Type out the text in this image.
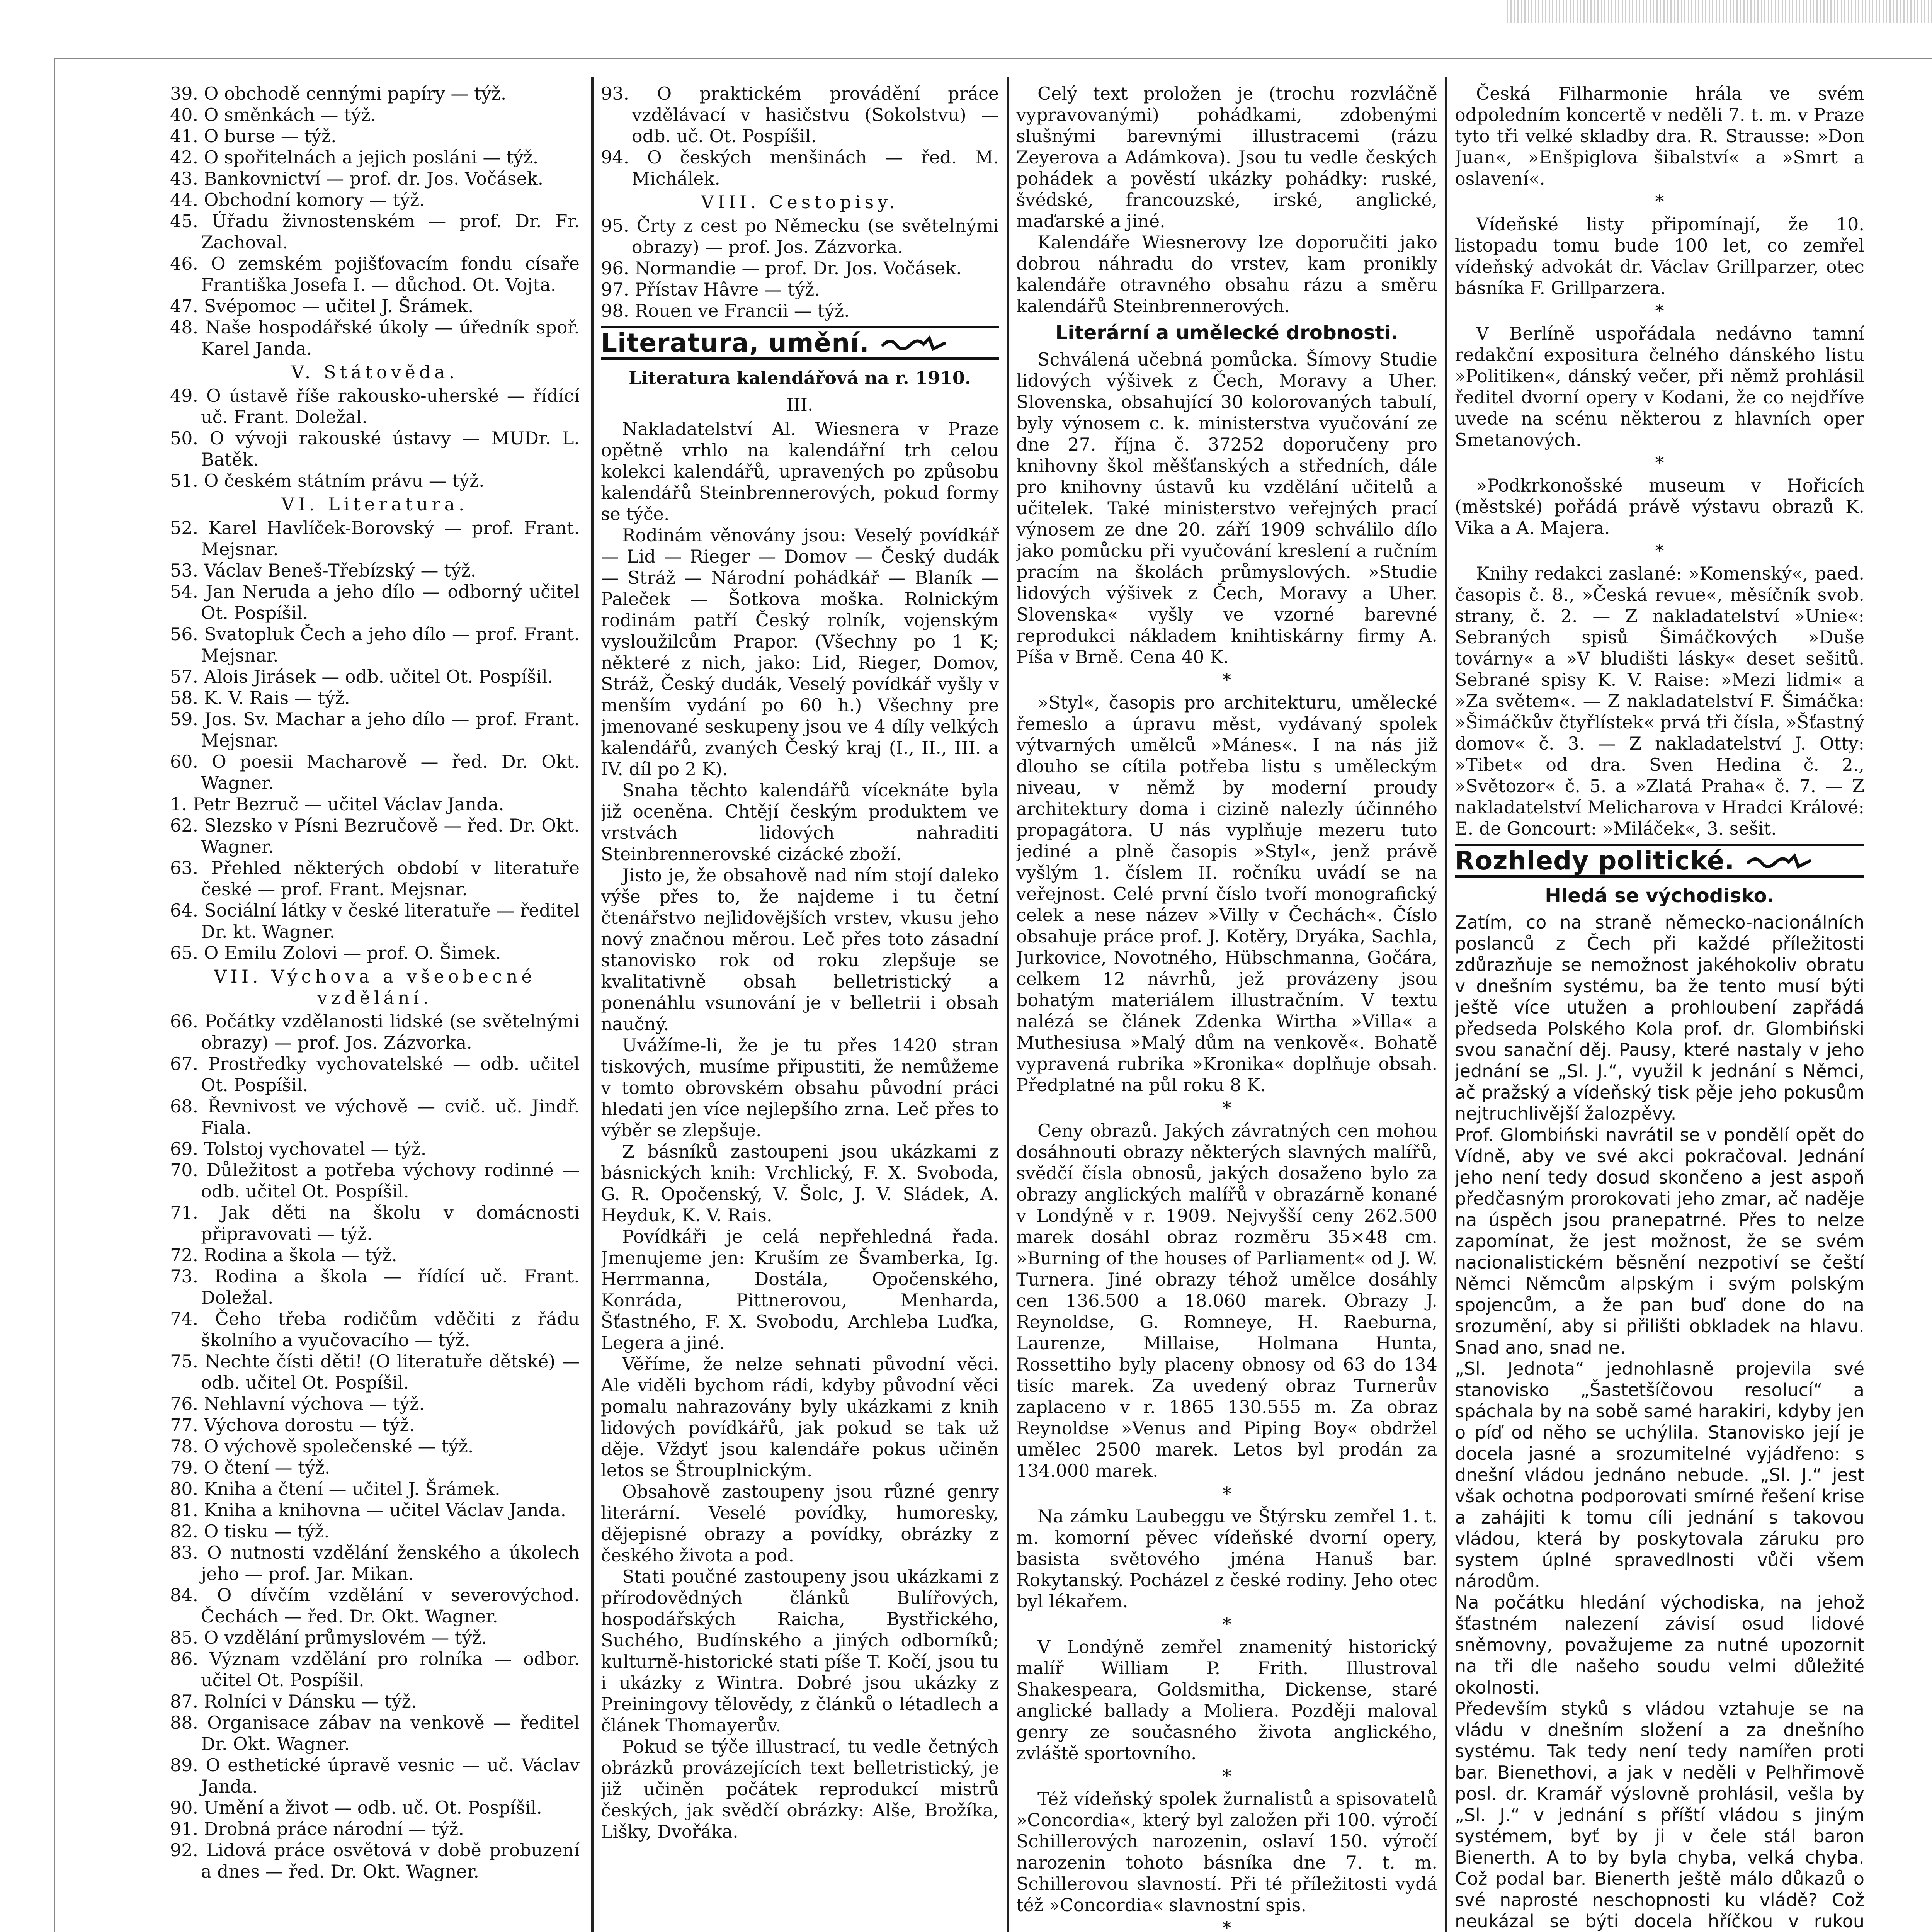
39. O obchodě cennými papíry — týž.
40. O směnkách — týž.
41. O burse — týž.
42. O spořitelnách a jejich posláni — týž.
43. Bankovnictví — prof. dr. Jos. Vočásek.
44. Obchodní komory — týž.
45. Úřadu živnostenském — prof. Dr. Fr. Zachoval.
46. O zemském pojišťovacím fondu císaře Františka Josefa I. — důchod. Ot. Vojta.
47. Svépomoc — učitel J. Šrámek.
48. Naše hospodářské úkoly — úředník spoř. Karel Janda.
V. Státověda.
49. O ústavě říše rakousko-uherské — řídící uč. Frant. Doležal.
50. O vývoji rakouské ústavy — MUDr. L. Batěk.
51. O českém státním právu — týž.
VI. Literatura.
52. Karel Havlíček-Borovský — prof. Frant. Mejsnar.
53. Václav Beneš-Třebízský — týž.
54. Jan Neruda a jeho dílo — odborný učitel Ot. Pospíšil.
56. Svatopluk Čech a jeho dílo — prof. Frant. Mejsnar.
57. Alois Jirásek — odb. učitel Ot. Pospíšil.
58. K. V. Rais — týž.
59. Jos. Sv. Machar a jeho dílo — prof. Frant. Mejsnar.
60. O poesii Macharově — řed. Dr. Okt. Wagner.
1. Petr Bezruč — učitel Václav Janda.
62. Slezsko v Písni Bezručově — řed. Dr. Okt. Wagner.
63. Přehled některých období v literatuře české — prof. Frant. Mejsnar.
64. Sociální látky v české literatuře — ředitel Dr. kt. Wagner.
65. O Emilu Zolovi — prof. O. Šimek.
VII. Výchova a všeobecné vzdělání.
66. Počátky vzdělanosti lidské (se světelnými obrazy) — prof. Jos. Zázvorka.
67. Prostředky vychovatelské — odb. učitel Ot. Pospíšil.
68. Řevnivost ve výchově — cvič. uč. Jindř. Fiala.
69. Tolstoj vychovatel — týž.
70. Důležitost a potřeba výchovy rodinné — odb. učitel Ot. Pospíšil.
71. Jak děti na školu v domácnosti připravovati — týž.
72. Rodina a škola — týž.
73. Rodina a škola — řídící uč. Frant. Doležal.
74. Čeho třeba rodičům vděčiti z řádu školního a vyučovacího — týž.
75. Nechte čísti děti! (O literatuře dětské) — odb. učitel Ot. Pospíšil.
76. Nehlavní výchova — týž.
77. Výchova dorostu — týž.
78. O výchově společenské — týž.
79. O čtení — týž.
80. Kniha a čtení — učitel J. Šrámek.
81. Kniha a knihovna — učitel Václav Janda.
82. O tisku — týž.
83. O nutnosti vzdělání ženského a úkolech jeho — prof. Jar. Mikan.
84. O dívčím vzdělání v severovýchod. Čechách — řed. Dr. Okt. Wagner.
85. O vzdělání průmyslovém — týž.
86. Význam vzdělání pro rolníka — odbor. učitel Ot. Pospíšil.
87. Rolníci v Dánsku — týž.
88. Organisace zábav na venkově — ředitel Dr. Okt. Wagner.
89. O esthetické úpravě vesnic — uč. Václav Janda.
90. Umění a život — odb. uč. Ot. Pospíšil.
91. Drobná práce národní — týž.
92. Lidová práce osvětová v době probuzení a dnes — řed. Dr. Okt. Wagner.
93. O praktickém provádění práce vzdělávací v hasičstvu (Sokolstvu) — odb. uč. Ot. Pospíšil.
94. O českých menšinách — řed. M. Michálek.
VIII. Cestopisy.
95. Črty z cest po Německu (se světelnými obrazy) — prof. Jos. Zázvorka.
96. Normandie — prof. Dr. Jos. Vočásek.
97. Přístav Hâvre — týž.
98. Rouen ve Francii — týž.
Literatura, umění.
Literatura kalendářová na r. 1910.
III.

Nakladatelství Al. Wiesnera v Praze opětně vrhlo na kalendářní trh celou kolekci kalendářů, upravených po způsobu kalendářů Steinbrennerových, pokud formy se týče.

Rodinám věnovány jsou: Veselý povídkář — Lid — Rieger — Domov — Český dudák — Stráž — Národní pohádkář — Blaník — Paleček — Šotkova moška. Rolnickým rodinám patří Český rolník, vojenským vysloužilcům Prapor. (Všechny po 1 K; některé z nich, jako: Lid, Rieger, Domov, Stráž, Český dudák, Veselý povídkář vyšly v menším vydání po 60 h.) Všechny pre jmenované seskupeny jsou ve 4 díly velkých kalendářů, zvaných Český kraj (I., II., III. a IV. díl po 2 K).

Snaha těchto kalendářů víceknáte byla již oceněna. Chtějí českým produktem ve vrstvách lidových nahraditi Steinbrennerovské cizácké zboží.

Jisto je, že obsahově nad ním stojí daleko výše přes to, že najdeme i tu četní čtenářstvo nejlidovějších vrstev, vkusu jeho nový značnou měrou. Leč přes toto zásadní stanovisko rok od roku zlepšuje se kvalitativně obsah belletristický a ponenáhlu vsunování je v belletrii i obsah naučný.

Uvážíme-li, že je tu přes 1420 stran tiskových, musíme připustiti, že nemůžeme v tomto obrovském obsahu původní práci hledati jen více nejlepšího zrna. Leč přes to výběr se zlepšuje.

Z básníků zastoupeni jsou ukázkami z básnických knih: Vrchlický, F. X. Svoboda, G. R. Opočenský, V. Šolc, J. V. Sládek, A. Heyduk, K. V. Rais.

Povídkáři je celá nepřehledná řada. Jmenujeme jen: Kruším ze Švamberka, Ig. Herrmanna, Dostála, Opočenského, Konráda, Pittnerovou, Menharda, Šťastného, F. X. Svobodu, Archleba Luďka, Legera a jiné.

Věříme, že nelze sehnati původní věci. Ale viděli bychom rádi, kdyby původní věci pomalu nahrazovány byly ukázkami z knih lidových povídkářů, jak pokud se tak už děje. Vždyť jsou kalendáře pokus učiněn letos se Štrouplnickým.

Obsahově zastoupeny jsou různé genry literární. Veselé povídky, humoresky, dějepisné obrazy a povídky, obrázky z českého života a pod.

Stati poučné zastoupeny jsou ukázkami z přírodovědných článků Bulířových, hospodářských Raicha, Bystřického, Suchého, Budínského a jiných odborníků; kulturně-historické stati píše T. Kočí, jsou tu i ukázky z Wintra. Dobré jsou ukázky z Preiningovy tělovědy, z článků o létadlech a článek Thomayerův.

Pokud se týče illustrací, tu vedle četných obrázků provázejících text belletristický, je již učiněn počátek reprodukcí mistrů českých, jak svědčí obrázky: Alše, Brožíka, Lišky, Dvořáka.

Celý text proložen je (trochu rozvláčně vypravovanými) pohádkami, zdobenými slušnými barevnými illustracemi (rázu Zeyerova a Adámkova). Jsou tu vedle českých pohádek a pověstí ukázky pohádky: ruské, švédské, francouzské, irské, anglické, maďarské a jiné.

Kalendáře Wiesnerovy lze doporučiti jako dobrou náhradu do vrstev, kam pronikly kalendáře otravného obsahu rázu a směru kalendářů Steinbrennerových.

Literární a umělecké drobnosti.

Schválená učebná pomůcka. Šímovy Studie lidových výšivek z Čech, Moravy a Uher. Slovenska, obsahující 30 kolorovaných tabulí, byly výnosem c. k. ministerstva vyučování ze dne 27. října č. 37252 doporučeny pro knihovny škol měšťanských a středních, dále pro knihovny ústavů ku vzdělání učitelů a učitelek. Také ministerstvo veřejných prací výnosem ze dne 20. září 1909 schválilo dílo jako pomůcku při vyučování kreslení a ručním pracím na školách průmyslových. »Studie lidových výšivek z Čech, Moravy a Uher. Slovenska« vyšly ve vzorné barevné reprodukci nákladem knihtiskárny firmy A. Píša v Brně. Cena 40 K.

*

»Styl«, časopis pro architekturu, umělecké řemeslo a úpravu měst, vydávaný spolek výtvarných umělců »Mánes«. I na nás již dlouho se cítila potřeba listu s uměleckým niveau, v němž by moderní proudy architektury doma i cizině nalezly účinného propagátora. U nás vyplňuje mezeru tuto jediné a plně časopis »Styl«, jenž právě vyšlým 1. číslem II. ročníku uvádí se na veřejnost. Celé první číslo tvoří monografický celek a nese název »Villy v Čechách«. Číslo obsahuje práce prof. J. Kotěry, Dryáka, Sachla, Jurkovice, Novotného, Hübschmanna, Gočára, celkem 12 návrhů, jež provázeny jsou bohatým materiálem illustračním. V textu nalézá se článek Zdenka Wirtha »Villa« a Muthesiusa »Malý dům na venkově«. Bohatě vypravená rubrika »Kronika« doplňuje obsah. Předplatné na půl roku 8 K.

*

Ceny obrazů. Jakých závratných cen mohou dosáhnouti obrazy některých slavných malířů, svědčí čísla obnosů, jakých dosaženo bylo za obrazy anglických malířů v obrazárně konané v Londýně v r. 1909. Nejvyšší ceny 262.500 marek dosáhl obraz rozměru 35×48 cm. »Burning of the houses of Parliament« od J. W. Turnera. Jiné obrazy téhož umělce dosáhly cen 136.500 a 18.060 marek. Obrazy J. Reynoldse, G. Romneye, H. Raeburna, Laurenze, Millaise, Holmana Hunta, Rossettiho byly placeny obnosy od 63 do 134 tisíc marek. Za uvedený obraz Turnerův zaplaceno v r. 1865 130.555 m. Za obraz Reynoldse »Venus and Piping Boy« obdržel umělec 2500 marek. Letos byl prodán za 134.000 marek.

*

Na zámku Laubeggu ve Štýrsku zemřel 1. t. m. komorní pěvec vídeňské dvorní opery, basista světového jména Hanuš bar. Rokytanský. Pocházel z české rodiny. Jeho otec byl lékařem.

*

V Londýně zemřel znamenitý historický malíř William P. Frith. Illustroval Shakespeara, Goldsmitha, Dickense, staré anglické ballady a Moliera. Později maloval genry ze současného života anglického, zvláště sportovního.

*

Též vídeňský spolek žurnalistů a spisovatelů »Concordia«, který byl založen při 100. výročí Schillerových narozenin, oslaví 150. výročí narozenin tohoto básníka dne 7. t. m. Schillerovou slavností. Při té příležitosti vydá též »Concordia« slavnostní spis.

*

Česká Filharmonie hrála ve svém odpoledním koncertě v neděli 7. t. m. v Praze tyto tři velké skladby dra. R. Strausse: »Don Juan«, »Enšpiglova šibalství« a »Smrt a oslavení«.

*

Vídeňské listy připomínají, že 10. listopadu tomu bude 100 let, co zemřel vídeňský advokát dr. Václav Grillparzer, otec básníka F. Grillparzera.

*

V Berlíně uspořádala nedávno tamní redakční expositura čelného dánského listu »Politiken«, dánský večer, při němž prohlásil ředitel dvorní opery v Kodani, že co nejdříve uvede na scénu některou z hlavních oper Smetanových.

*

»Podkrkonošské museum v Hořicích (městské) pořádá právě výstavu obrazů K. Vika a A. Majera.

*

Knihy redakci zaslané: »Komenský«, paed. časopis č. 8., »Česká revue«, měsíčník svob. strany, č. 2. — Z nakladatelství »Unie«: Sebraných spisů Šimáčkových »Duše továrny« a »V bludišti lásky« deset sešitů. Sebrané spisy K. V. Raise: »Mezi lidmi« a »Za světem«. — Z nakladatelství F. Šimáčka: »Šimáčkův čtyřlístek« prvá tři čísla, »Šťastný domov« č. 3. — Z nakladatelství J. Otty: »Tibet« od dra. Sven Hedina č. 2., »Světozor« č. 5. a »Zlatá Praha« č. 7. — Z nakladatelství Melicharova v Hradci Králové: E. de Goncourt: »Miláček«, 3. sešit.

Rozhledy politické.
Hledá se východisko.

Zatím, co na straně německo-nacionálních poslanců z Čech při každé příležitosti zdůrazňuje se nemožnost jakéhokoliv obratu v dnešním systému, ba že tento musí býti ještě více utužen a prohloubení zapřádá předseda Polského Kola prof. dr. Glombiński svou sanační děj. Pausy, které nastaly v jeho jednání se „Sl. J.“, využil k jednání s Němci, ač pražský a vídeňský tisk pěje jeho pokusům nejtruchlivější žalozpěvy.

Prof. Glombiński navrátil se v pondělí opět do Vídně, aby ve své akci pokračoval. Jednání jeho není tedy dosud skončeno a jest aspoň předčasným prorokovati jeho zmar, ač naděje na úspěch jsou pranepatrné. Přes to nelze zapomínat, že jest možnost, že se svém nacionalistickém běsnění nezpotiví se čeští Němci Němcům alpským i svým polským spojencům, a že pan buď done do na srozumění, aby si přilišti obkladek na hlavu. Snad ano, snad ne.

„Sl. Jednota“ jednohlasně projevila své stanovisko „Šastetšíčovou resolucí“ a spáchala by na sobě samé harakiri, kdyby jen o píď od něho se uchýlila. Stanovisko její je docela jasné a srozumitelné vyjádřeno: s dnešní vládou jednáno nebude. „Sl. J.“ jest však ochotna podporovati smírné řešení krise a zahájiti k tomu cíli jednání s takovou vládou, která by poskytovala záruku pro system úplné spravedlnosti vůči všem národům.

Na počátku hledání východiska, na jehož šťastném nalezení závisí osud lidové sněmovny, považujeme za nutné upozornit na tři dle našeho soudu velmi důležité okolnosti.

Především styků s vládou vztahuje se na vládu v dnešním složení a za dnešního systému. Tak tedy není tedy namířen proti bar. Bienethovi, a jak v neděli v Pelhřimově posl. dr. Kramář výslovně prohlásil, vešla by „Sl. J.“ v jednání s příští vládou s jiným systémem, byť by ji v čele stál baron Bienerth. A to by byla chyba, velká chyba. Což podal bar. Bienerth ještě málo důkazů o své naprosté neschopnosti ku vládě? Což neukázal se býti docela hříčkou v rukou
